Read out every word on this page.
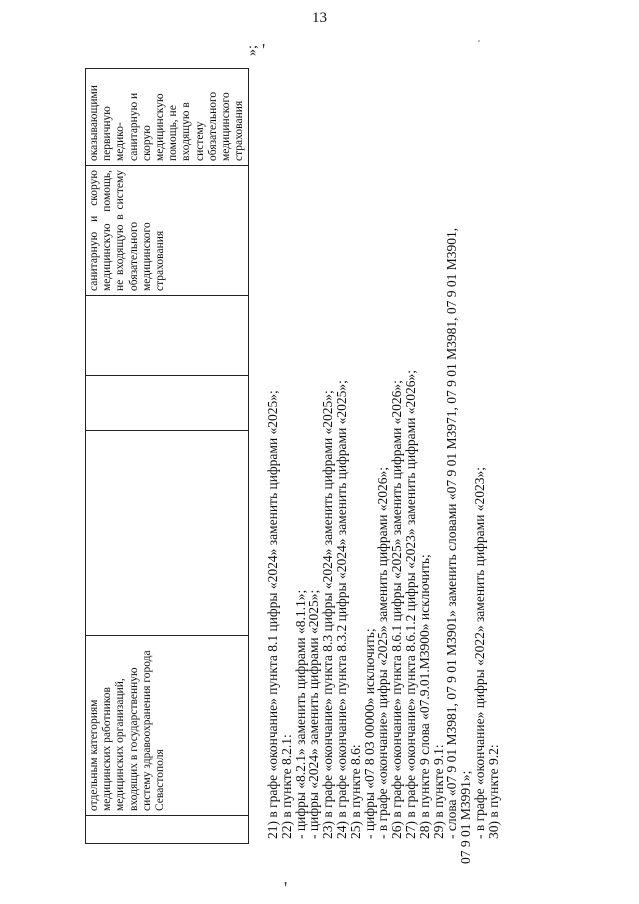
13
'
'
	отдельным категориям медицинских работников медицинских организаций, входящих в государственную систему здравоохранения города Севастополя				санитарную и скорую медицинскую помощь, не входящую в систему обязательного медицинского страхования	оказывающими первичную медико-санитарную и скорую медицинскую помощь, не входящую в систему обязательного медицинского страхования
»;
21) в графе «окончание» пункта 8.1 цифры «2024» заменить цифрами «2025»;
22) в пункте 8.2.1:
- цифры «8.2.1» заменить цифрами «8.1.1»;
- цифры «2024» заменить цифрами «2025»;
23) в графе «окончание» пункта 8.3 цифры «2024» заменить цифрами «2025»;
24) в графе «окончание» пункта 8.3.2 цифры «2024» заменить цифрами «2025»;
25) в пункте 8.6:
- цифры «07 8 03 00000» исключить;
- в графе «окончание» цифры «2025» заменить цифрами «2026»;
26) в графе «окончание» пункта 8.6.1 цифры «2025» заменить цифрами «2026»;
27) в графе «окончание» пункта 8.6.1.2 цифры «2023» заменить цифрами «2026»;
28) в пункте 9 слова «07.9.01.М3900» исключить;
29) в пункте 9.1:
- слова «07 9 01 М3981, 07 9 01 М3901» заменить словами «07 9 01 М3971, 07 9 01 М3981, 07 9 01 М3901,
07 9 01 М3991»;
- в графе «окончание» цифры «2022» заменить цифрами «2023»;
30) в пункте 9.2:
